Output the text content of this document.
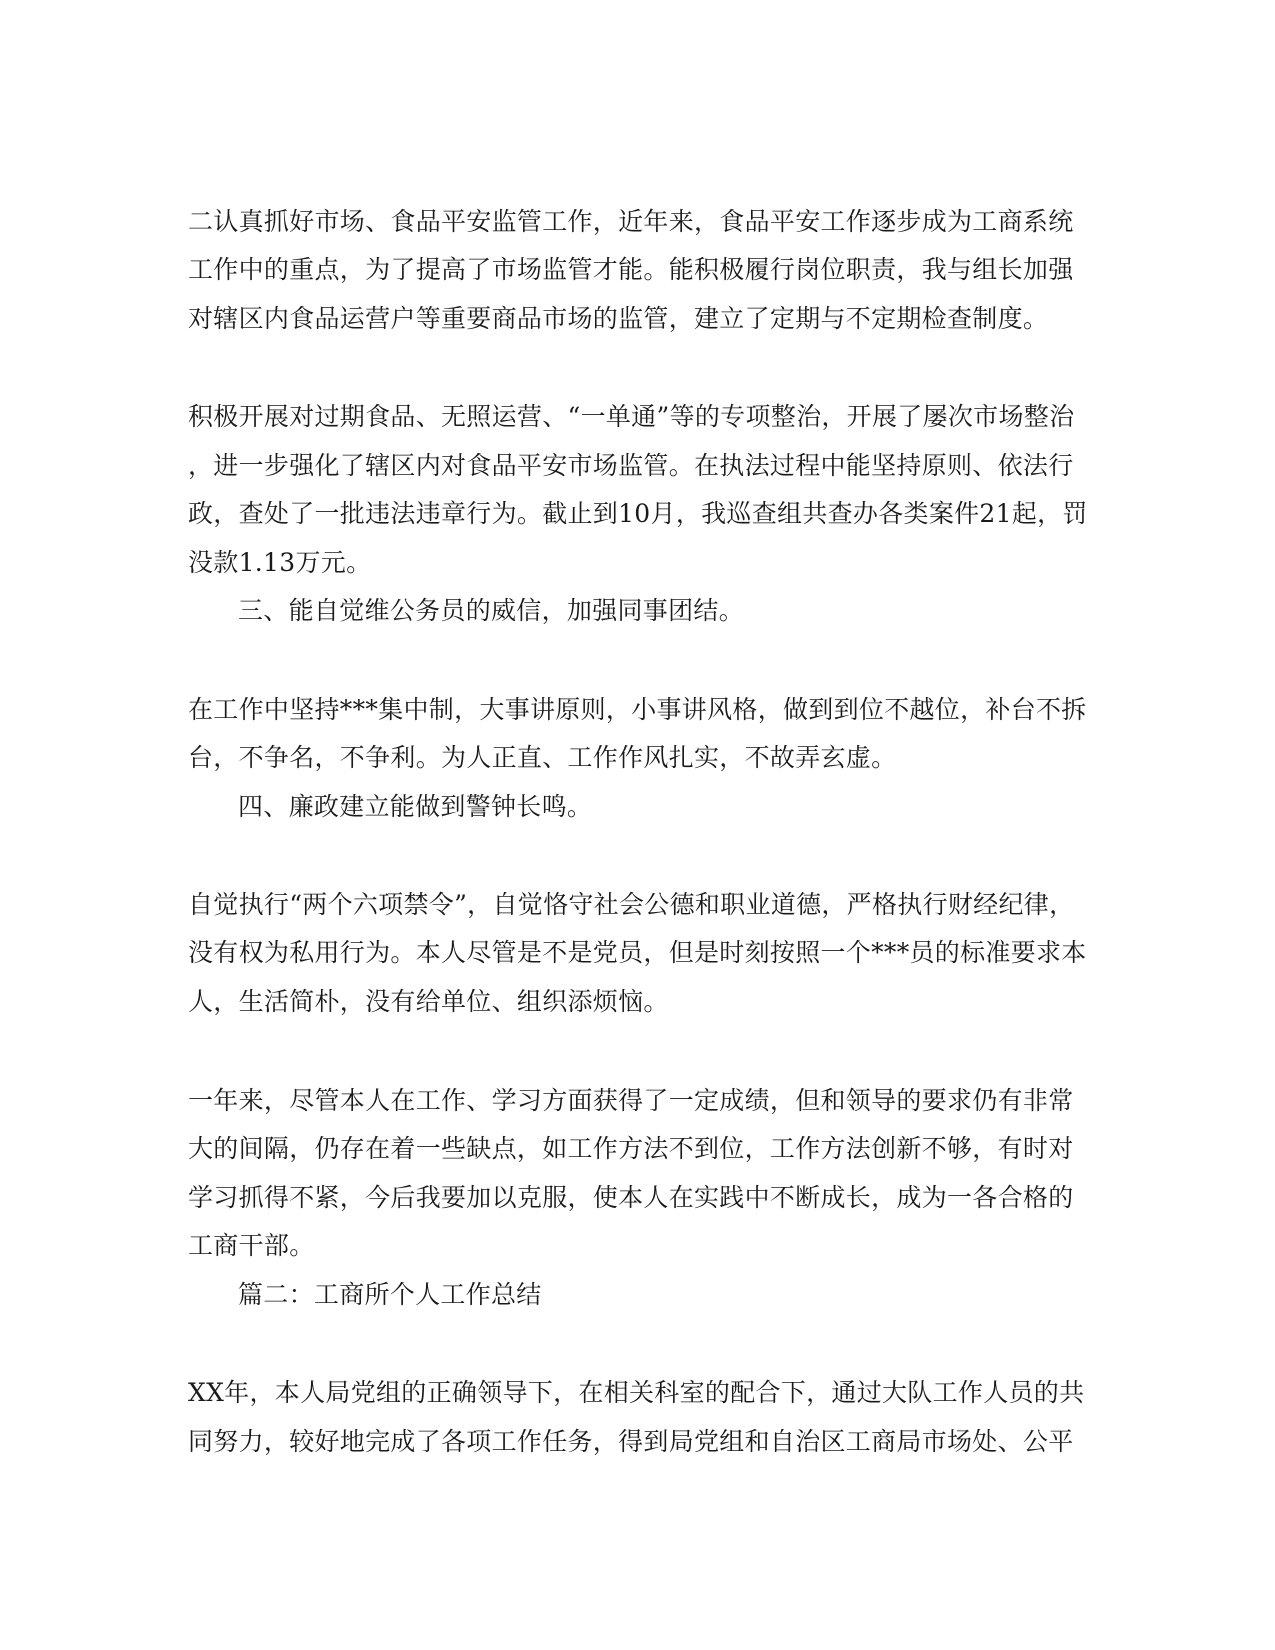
二认真抓好市场、食品平安监管工作，近年来，食品平安工作逐步成为工商系统
工作中的重点，为了提高了市场监管才能。能积极履行岗位职责，我与组长加强
对辖区内食品运营户等重要商品市场的监管，建立了定期与不定期检查制度。
积极开展对过期食品、无照运营、“一单通”等的专项整治，开展了屡次市场整治
，进一步强化了辖区内对食品平安市场监管。在执法过程中能坚持原则、依法行
政，查处了一批违法违章行为。截止到10月，我巡查组共查办各类案件21起，罚
没款1.13万元。
三、能自觉维公务员的威信，加强同事团结。
在工作中坚持***集中制，大事讲原则，小事讲风格，做到到位不越位，补台不拆
台，不争名，不争利。为人正直、工作作风扎实，不故弄玄虚。
四、廉政建立能做到警钟长鸣。
自觉执行“两个六项禁令”，自觉恪守社会公德和职业道德，严格执行财经纪律，
没有权为私用行为。本人尽管是不是党员，但是时刻按照一个***员的标准要求本
人，生活简朴，没有给单位、组织添烦恼。
一年来，尽管本人在工作、学习方面获得了一定成绩，但和领导的要求仍有非常
大的间隔，仍存在着一些缺点，如工作方法不到位，工作方法创新不够，有时对
学习抓得不紧，今后我要加以克服，使本人在实践中不断成长，成为一各合格的
工商干部。
篇二：工商所个人工作总结
XX年，本人局党组的正确领导下，在相关科室的配合下，通过大队工作人员的共
同努力，较好地完成了各项工作任务，得到局党组和自治区工商局市场处、公平
